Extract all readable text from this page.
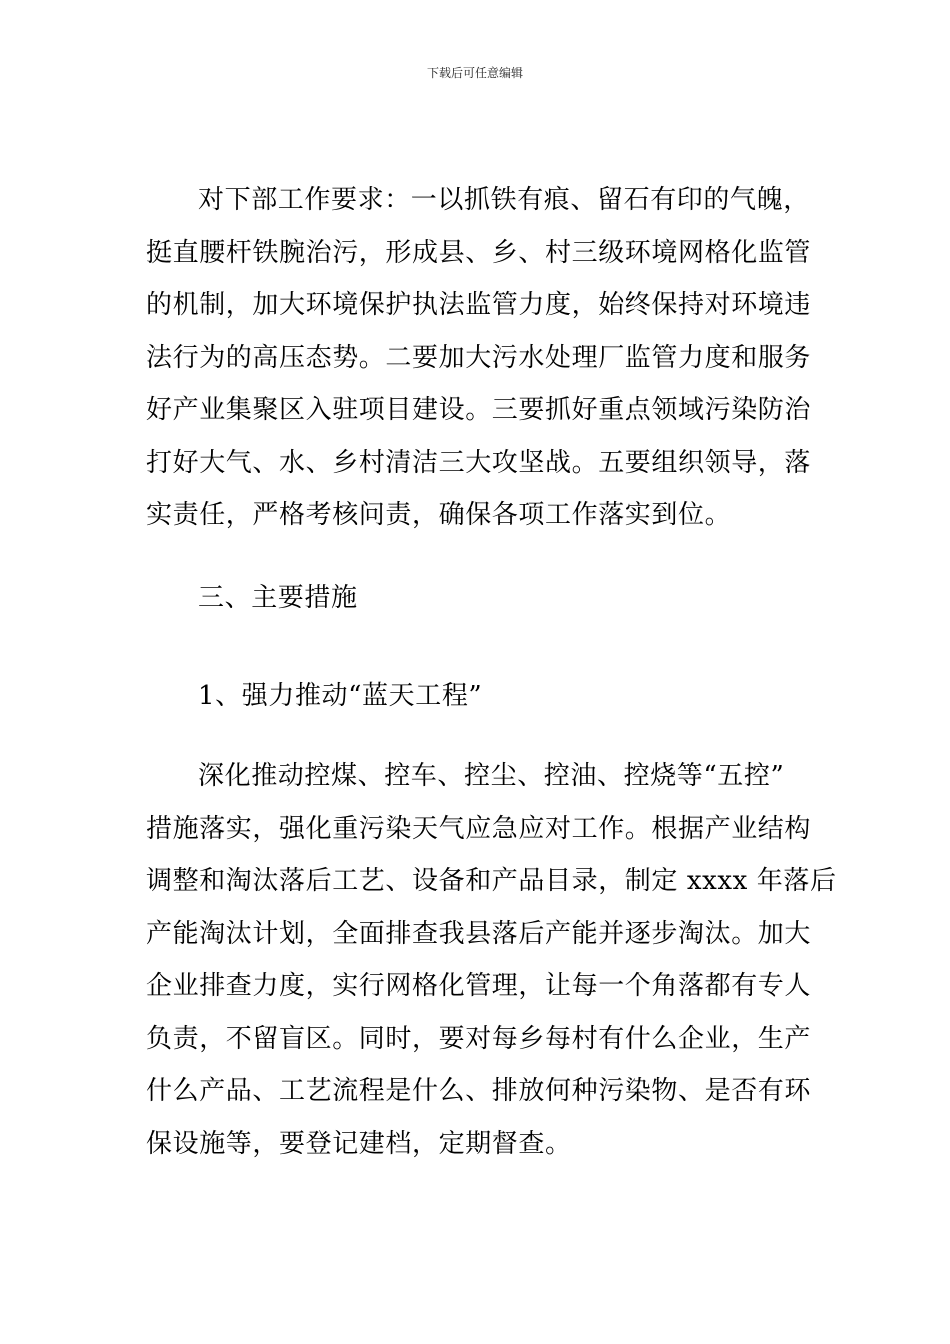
下载后可任意编辑
对下部工作要求：一以抓铁有痕、留石有印的气魄，
挺直腰杆铁腕治污，形成县、乡、村三级环境网格化监管
的机制，加大环境保护执法监管力度，始终保持对环境违
法行为的高压态势。二要加大污水处理厂监管力度和服务
好产业集聚区入驻项目建设。三要抓好重点领域污染防治
打好大气、水、乡村清洁三大攻坚战。五要组织领导，落
实责任，严格考核问责，确保各项工作落实到位。
三、主要措施
1、强力推动“蓝天工程”
深化推动控煤、控车、控尘、控油、控烧等“五控”
措施落实，强化重污染天气应急应对工作。根据产业结构
调整和淘汰落后工艺、设备和产品目录，制定 xxxx 年落后
产能淘汰计划，全面排查我县落后产能并逐步淘汰。加大
企业排查力度，实行网格化管理，让每一个角落都有专人
负责，不留盲区。同时，要对每乡每村有什么企业，生产
什么产品、工艺流程是什么、排放何种污染物、是否有环
保设施等，要登记建档，定期督查。
